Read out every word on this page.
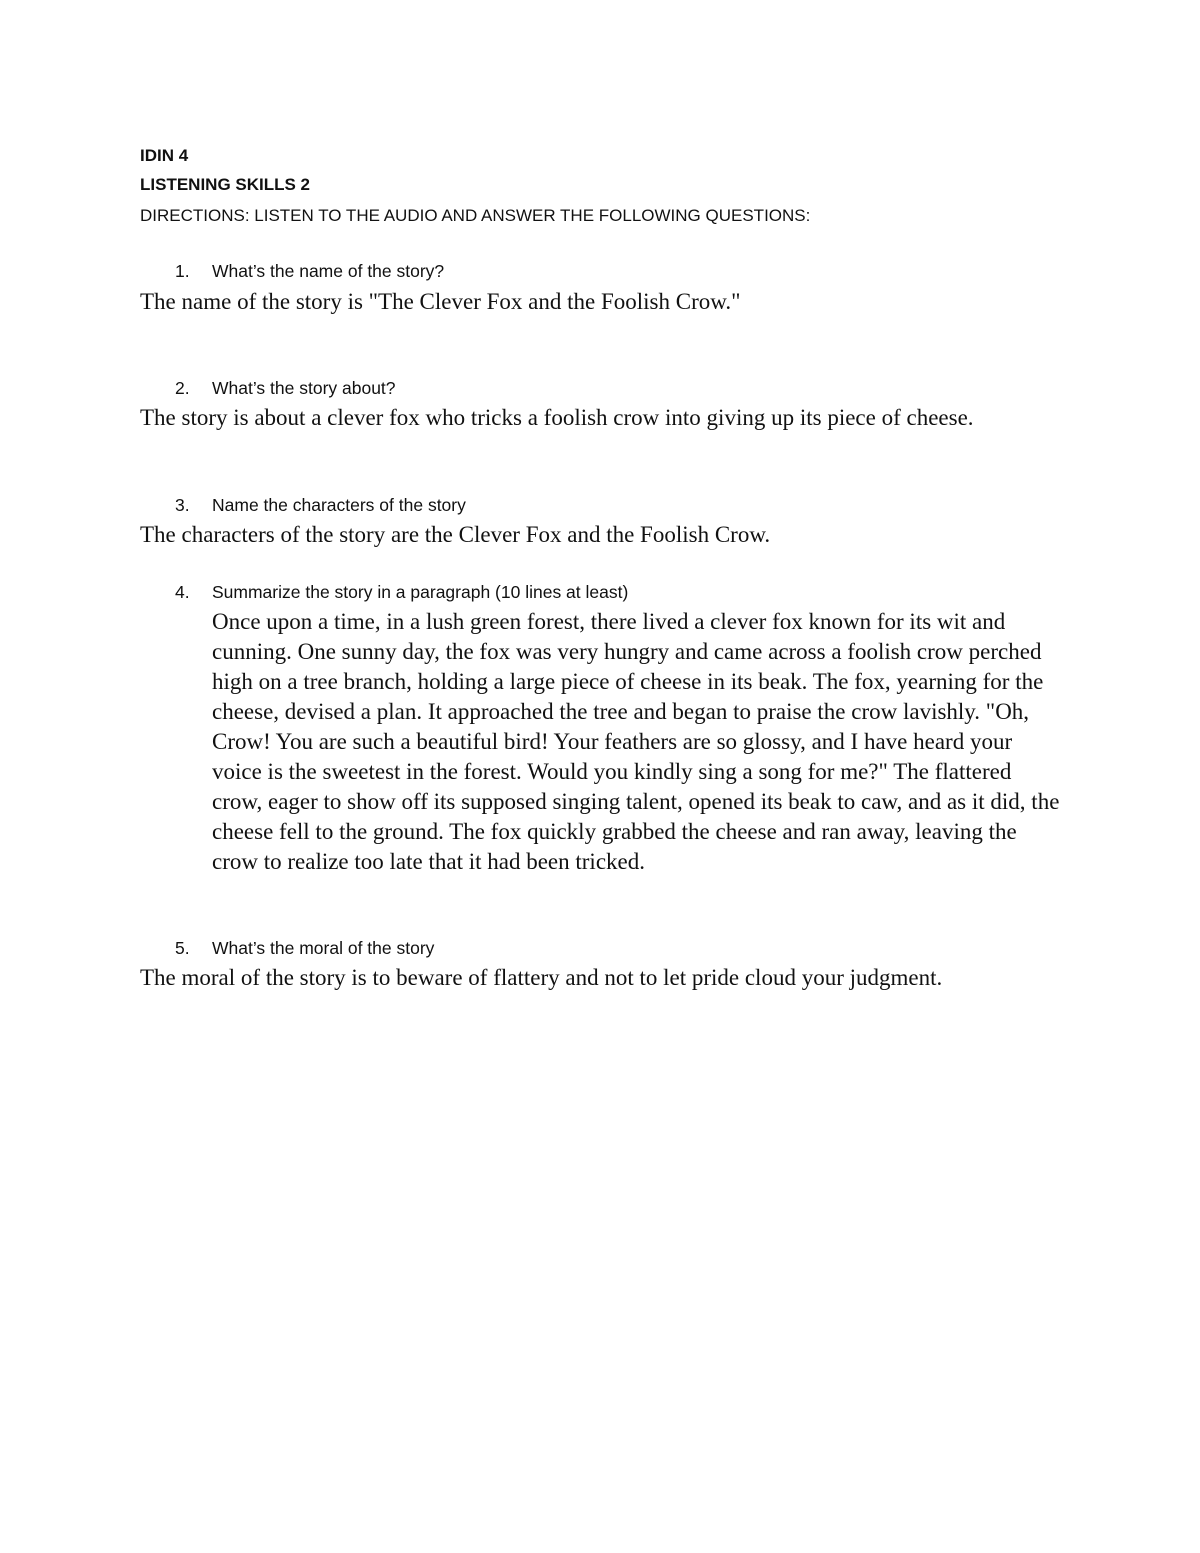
IDIN 4
LISTENING SKILLS 2
DIRECTIONS: LISTEN TO THE AUDIO AND ANSWER THE FOLLOWING QUESTIONS:
1. What’s the name of the story?

The name of the story is "The Clever Fox and the Foolish Crow."

2. What’s the story about?

The story is about a clever fox who tricks a foolish crow into giving up its piece of cheese.

3. Name the characters of the story

The characters of the story are the Clever Fox and the Foolish Crow.

4. Summarize the story in a paragraph (10 lines at least)

Once upon a time, in a lush green forest, there lived a clever fox known for its wit and cunning. One sunny day, the fox was very hungry and came across a foolish crow perched high on a tree branch, holding a large piece of cheese in its beak. The fox, yearning for the cheese, devised a plan. It approached the tree and began to praise the crow lavishly. "Oh, Crow! You are such a beautiful bird! Your feathers are so glossy, and I have heard your voice is the sweetest in the forest. Would you kindly sing a song for me?" The flattered crow, eager to show off its supposed singing talent, opened its beak to caw, and as it did, the cheese fell to the ground. The fox quickly grabbed the cheese and ran away, leaving the crow to realize too late that it had been tricked.

5. What’s the moral of the story

The moral of the story is to beware of flattery and not to let pride cloud your judgment.
